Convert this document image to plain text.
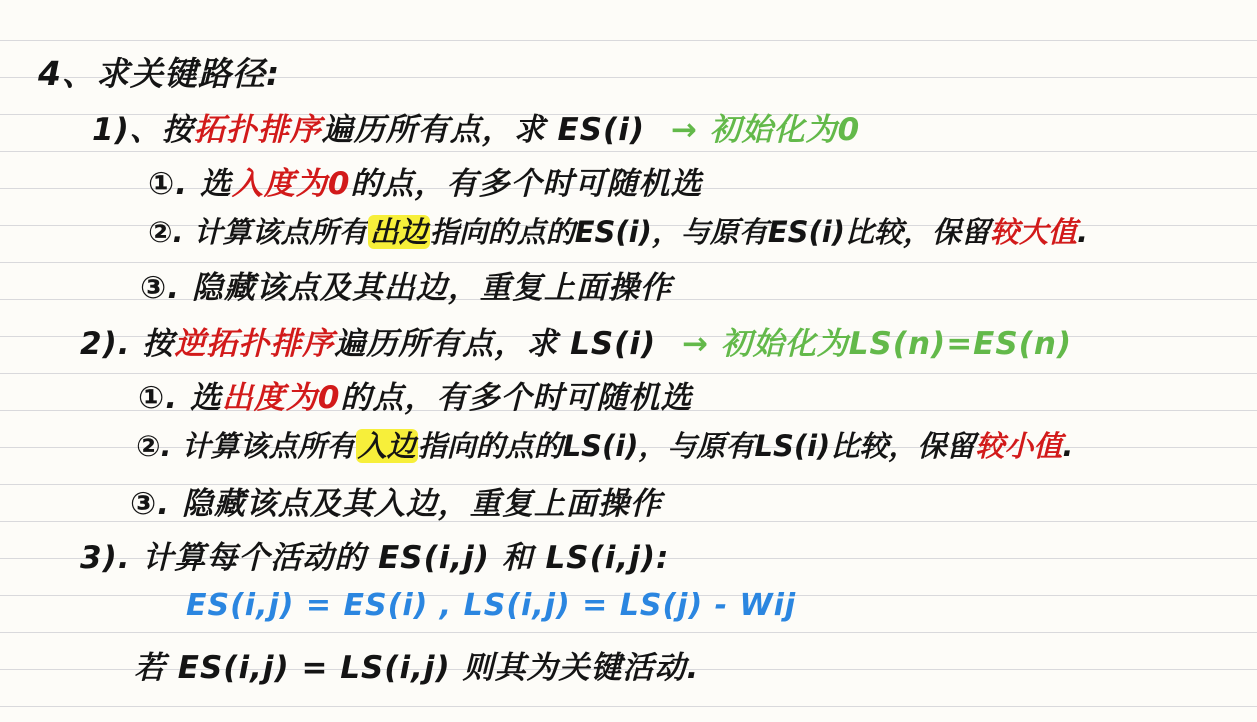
4、求关键路径:
1)、按拓扑排序遍历所有点，求 ES(i) → 初始化为0
①. 选入度为0的点，有多个时可随机选
②. 计算该点所有出边指向的点的ES(i)，与原有ES(i)比较，保留较大值.
③. 隐藏该点及其出边，重复上面操作
2). 按逆拓扑排序遍历所有点，求 LS(i) → 初始化为LS(n)=ES(n)
①. 选出度为0的点，有多个时可随机选
②. 计算该点所有入边指向的点的LS(i)，与原有LS(i)比较，保留较小值.
③. 隐藏该点及其入边，重复上面操作
3). 计算每个活动的 ES(i,j) 和 LS(i,j):
ES(i,j) = ES(i) , LS(i,j) = LS(j) - Wij
若 ES(i,j) = LS(i,j) 则其为关键活动.
